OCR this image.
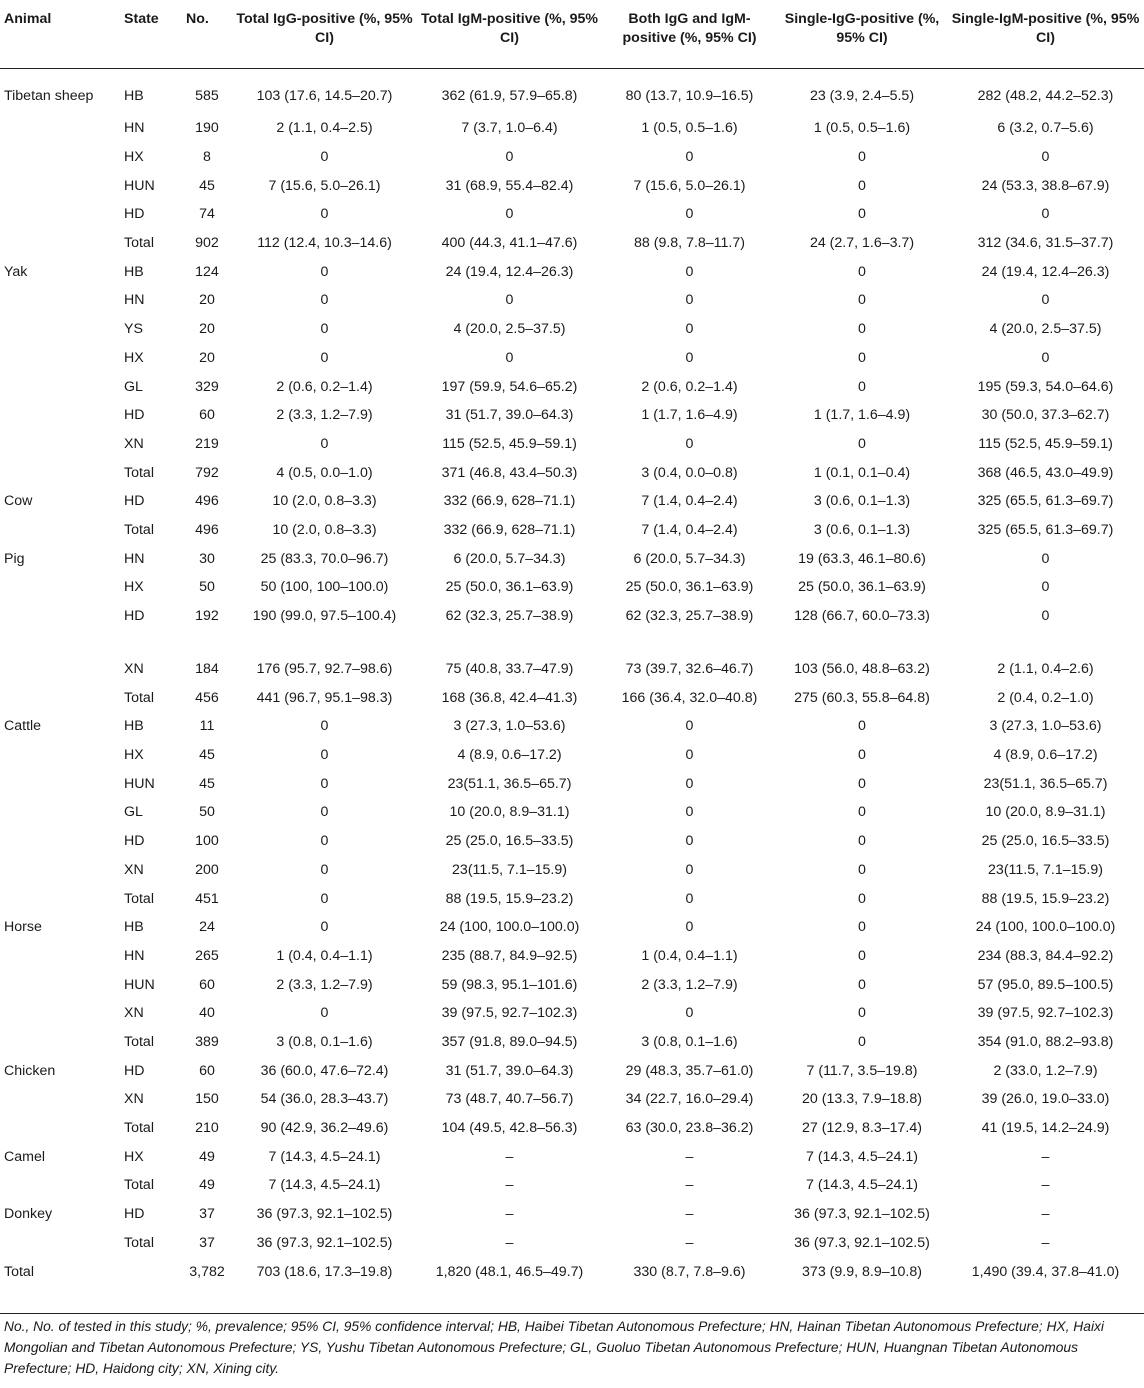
Animal	State	No.	Total IgG-positive (%, 95% CI)	Total IgM-positive (%, 95% CI)	Both IgG and IgM-positive (%, 95% CI)	Single-IgG-positive (%, 95% CI)	Single-IgM-positive (%, 95% CI)
Tibetan sheep	HB	585	103 (17.6, 14.5–20.7)	362 (61.9, 57.9–65.8)	80 (13.7, 10.9–16.5)	23 (3.9, 2.4–5.5)	282 (48.2, 44.2–52.3)
	HN	190	2 (1.1, 0.4–2.5)	7 (3.7, 1.0–6.4)	1 (0.5, 0.5–1.6)	1 (0.5, 0.5–1.6)	6 (3.2, 0.7–5.6)
	HX	8	0	0	0	0	0
	HUN	45	7 (15.6, 5.0–26.1)	31 (68.9, 55.4–82.4)	7 (15.6, 5.0–26.1)	0	24 (53.3, 38.8–67.9)
	HD	74	0	0	0	0	0
	Total	902	112 (12.4, 10.3–14.6)	400 (44.3, 41.1–47.6)	88 (9.8, 7.8–11.7)	24 (2.7, 1.6–3.7)	312 (34.6, 31.5–37.7)
Yak	HB	124	0	24 (19.4, 12.4–26.3)	0	0	24 (19.4, 12.4–26.3)
	HN	20	0	0	0	0	0
	YS	20	0	4 (20.0, 2.5–37.5)	0	0	4 (20.0, 2.5–37.5)
	HX	20	0	0	0	0	0
	GL	329	2 (0.6, 0.2–1.4)	197 (59.9, 54.6–65.2)	2 (0.6, 0.2–1.4)	0	195 (59.3, 54.0–64.6)
	HD	60	2 (3.3, 1.2–7.9)	31 (51.7, 39.0–64.3)	1 (1.7, 1.6–4.9)	1 (1.7, 1.6–4.9)	30 (50.0, 37.3–62.7)
	XN	219	0	115 (52.5, 45.9–59.1)	0	0	115 (52.5, 45.9–59.1)
	Total	792	4 (0.5, 0.0–1.0)	371 (46.8, 43.4–50.3)	3 (0.4, 0.0–0.8)	1 (0.1, 0.1–0.4)	368 (46.5, 43.0–49.9)
Cow	HD	496	10 (2.0, 0.8–3.3)	332 (66.9, 628–71.1)	7 (1.4, 0.4–2.4)	3 (0.6, 0.1–1.3)	325 (65.5, 61.3–69.7)
	Total	496	10 (2.0, 0.8–3.3)	332 (66.9, 628–71.1)	7 (1.4, 0.4–2.4)	3 (0.6, 0.1–1.3)	325 (65.5, 61.3–69.7)
Pig	HN	30	25 (83.3, 70.0–96.7)	6 (20.0, 5.7–34.3)	6 (20.0, 5.7–34.3)	19 (63.3, 46.1–80.6)	0
	HX	50	50 (100, 100–100.0)	25 (50.0, 36.1–63.9)	25 (50.0, 36.1–63.9)	25 (50.0, 36.1–63.9)	0
	HD	192	190 (99.0, 97.5–100.4)	62 (32.3, 25.7–38.9)	62 (32.3, 25.7–38.9)	128 (66.7, 60.0–73.3)	0
	XN	184	176 (95.7, 92.7–98.6)	75 (40.8, 33.7–47.9)	73 (39.7, 32.6–46.7)	103 (56.0, 48.8–63.2)	2 (1.1, 0.4–2.6)
	Total	456	441 (96.7, 95.1–98.3)	168 (36.8, 42.4–41.3)	166 (36.4, 32.0–40.8)	275 (60.3, 55.8–64.8)	2 (0.4, 0.2–1.0)
Cattle	HB	11	0	3 (27.3, 1.0–53.6)	0	0	3 (27.3, 1.0–53.6)
	HX	45	0	4 (8.9, 0.6–17.2)	0	0	4 (8.9, 0.6–17.2)
	HUN	45	0	23(51.1, 36.5–65.7)	0	0	23(51.1, 36.5–65.7)
	GL	50	0	10 (20.0, 8.9–31.1)	0	0	10 (20.0, 8.9–31.1)
	HD	100	0	25 (25.0, 16.5–33.5)	0	0	25 (25.0, 16.5–33.5)
	XN	200	0	23(11.5, 7.1–15.9)	0	0	23(11.5, 7.1–15.9)
	Total	451	0	88 (19.5, 15.9–23.2)	0	0	88 (19.5, 15.9–23.2)
Horse	HB	24	0	24 (100, 100.0–100.0)	0	0	24 (100, 100.0–100.0)
	HN	265	1 (0.4, 0.4–1.1)	235 (88.7, 84.9–92.5)	1 (0.4, 0.4–1.1)	0	234 (88.3, 84.4–92.2)
	HUN	60	2 (3.3, 1.2–7.9)	59 (98.3, 95.1–101.6)	2 (3.3, 1.2–7.9)	0	57 (95.0, 89.5–100.5)
	XN	40	0	39 (97.5, 92.7–102.3)	0	0	39 (97.5, 92.7–102.3)
	Total	389	3 (0.8, 0.1–1.6)	357 (91.8, 89.0–94.5)	3 (0.8, 0.1–1.6)	0	354 (91.0, 88.2–93.8)
Chicken	HD	60	36 (60.0, 47.6–72.4)	31 (51.7, 39.0–64.3)	29 (48.3, 35.7–61.0)	7 (11.7, 3.5–19.8)	2 (33.0, 1.2–7.9)
	XN	150	54 (36.0, 28.3–43.7)	73 (48.7, 40.7–56.7)	34 (22.7, 16.0–29.4)	20 (13.3, 7.9–18.8)	39 (26.0, 19.0–33.0)
	Total	210	90 (42.9, 36.2–49.6)	104 (49.5, 42.8–56.3)	63 (30.0, 23.8–36.2)	27 (12.9, 8.3–17.4)	41 (19.5, 14.2–24.9)
Camel	HX	49	7 (14.3, 4.5–24.1)	–	–	7 (14.3, 4.5–24.1)	–
	Total	49	7 (14.3, 4.5–24.1)	–	–	7 (14.3, 4.5–24.1)	–
Donkey	HD	37	36 (97.3, 92.1–102.5)	–	–	36 (97.3, 92.1–102.5)	–
	Total	37	36 (97.3, 92.1–102.5)	–	–	36 (97.3, 92.1–102.5)	–
Total		3,782	703 (18.6, 17.3–19.8)	1,820 (48.1, 46.5–49.7)	330 (8.7, 7.8–9.6)	373 (9.9, 8.9–10.8)	1,490 (39.4, 37.8–41.0)
No., No. of tested in this study; %, prevalence; 95% CI, 95% confidence interval; HB, Haibei Tibetan Autonomous Prefecture; HN, Hainan Tibetan Autonomous Prefecture; HX, Haixi Mongolian and Tibetan Autonomous Prefecture; YS, Yushu Tibetan Autonomous Prefecture; GL, Guoluo Tibetan Autonomous Prefecture; HUN, Huangnan Tibetan Autonomous Prefecture; HD, Haidong city; XN, Xining city.
